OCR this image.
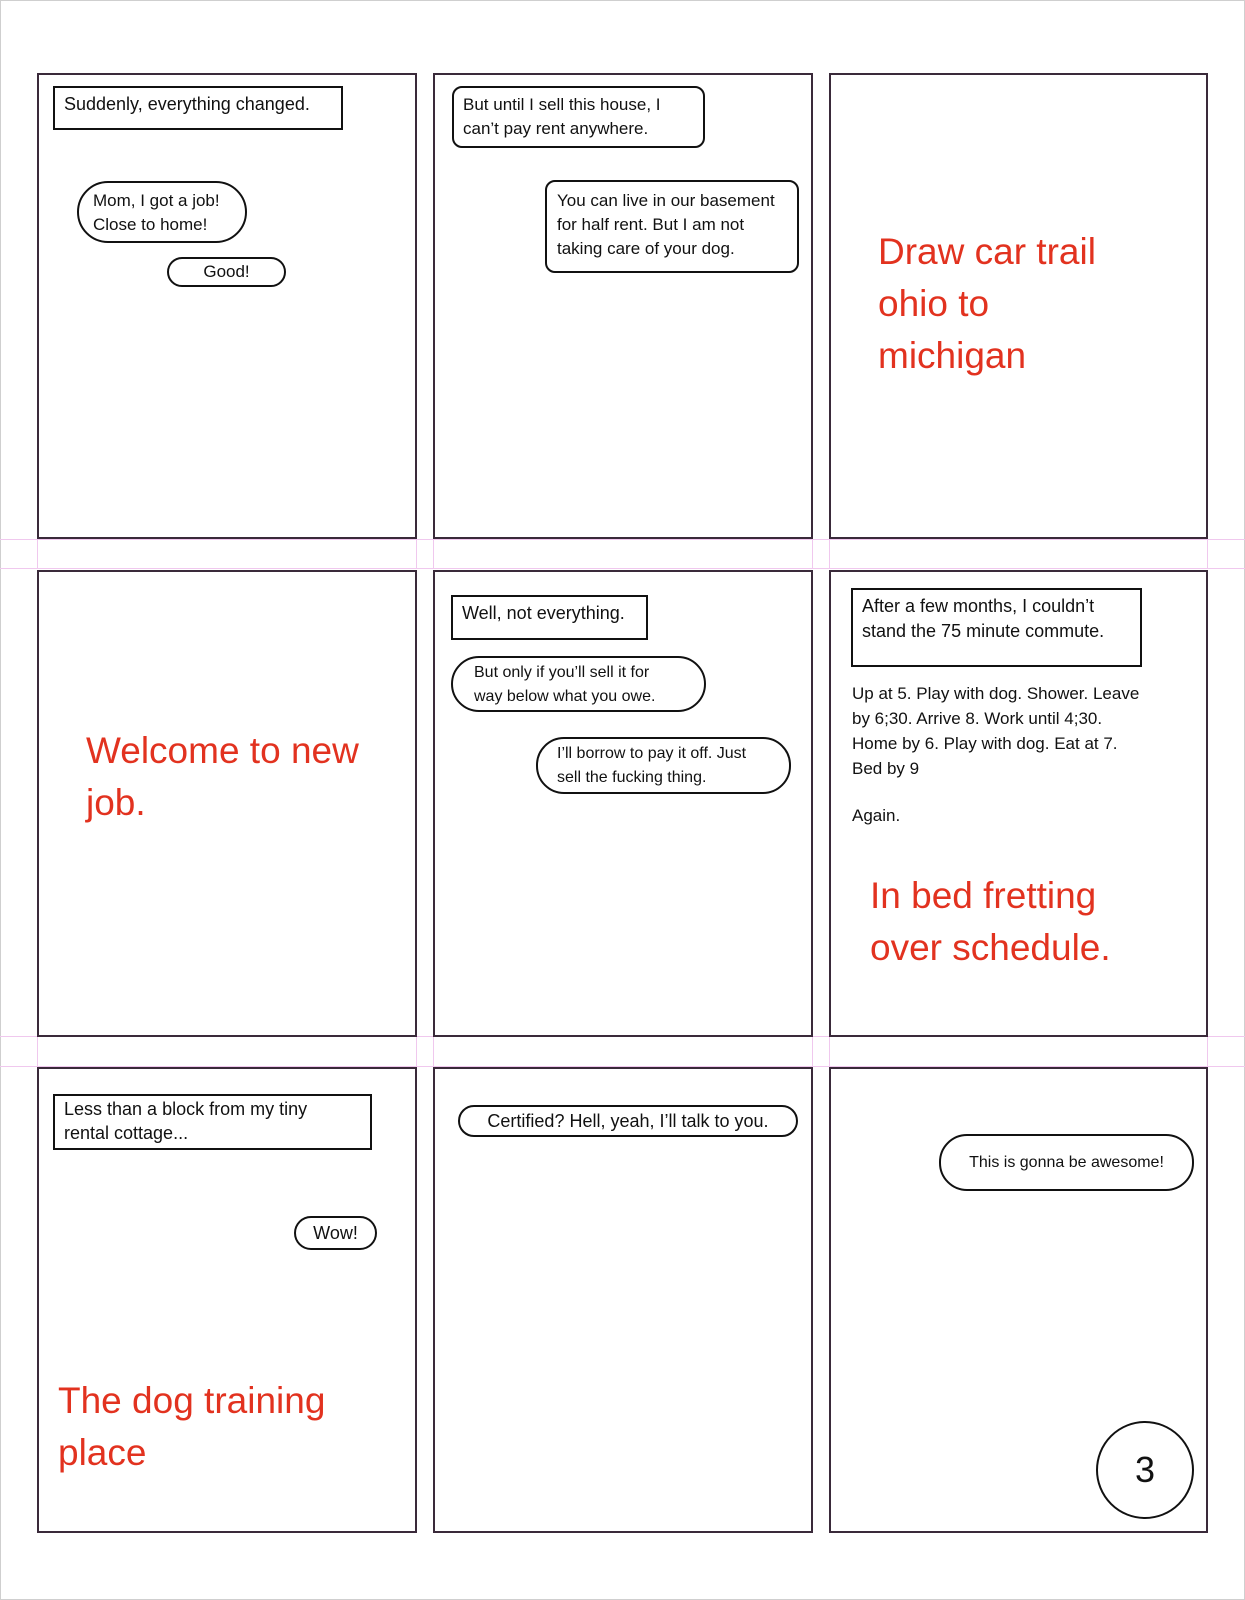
Suddenly, everything changed.
Mom, I got a job!
Close to home!
Good!
But until I sell this house, I
can’t pay rent anywhere.
You can live in our basement
for half rent. But I am not
taking care of your dog.	Draw car trail
ohio to
michigan
Welcome to new
job.
Well, not everything.
But only if you’ll sell it for
way below what you owe.
I’ll borrow to pay it off. Just
sell the fucking thing.
After a few months, I couldn’t
stand the 75 minute commute.
Up at 5. Play with dog. Shower. Leave
by 6;30. Arrive 8. Work until 4;30.
Home by 6. Play with dog. Eat at 7.
Bed by 9
Again.
In bed fretting
over schedule.
Less than a block from my tiny
rental cottage...
Wow!
The dog training
place
Certified? Hell, yeah, I’ll talk to you.
This is gonna be awesome!
3
